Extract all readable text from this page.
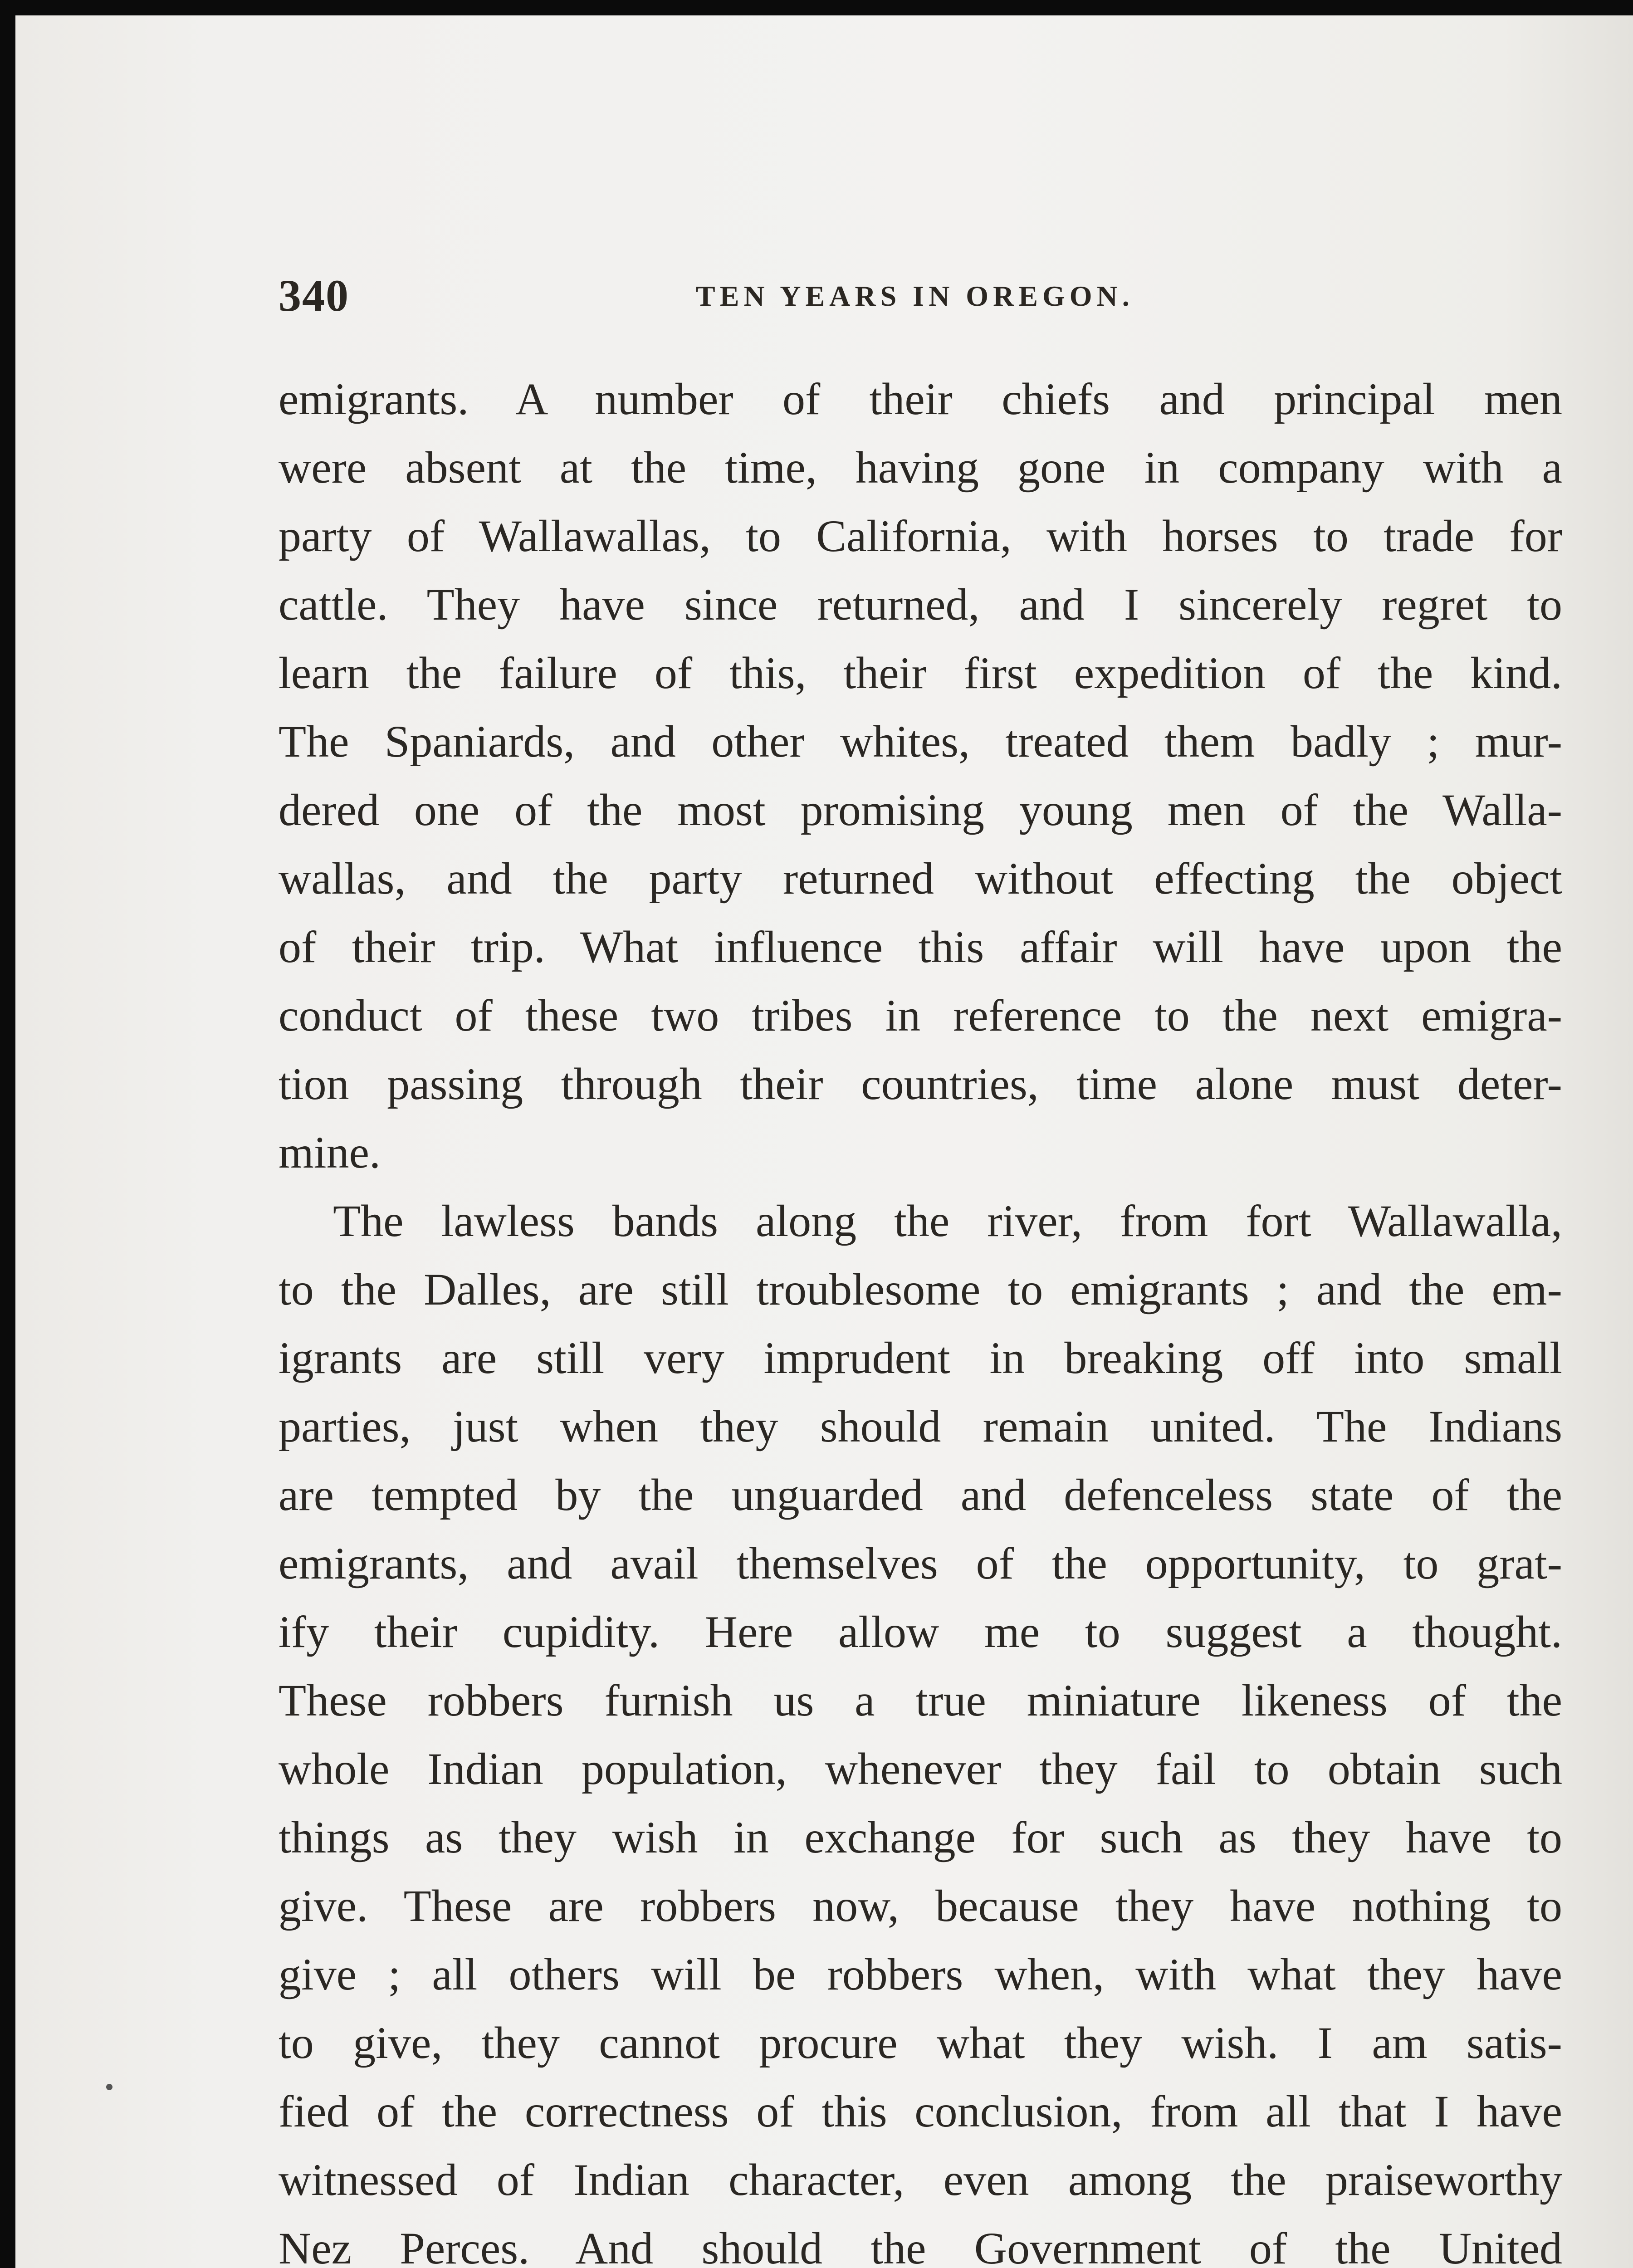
340	TEN YEARS IN OREGON.
emigrants. A number of their chiefs and principal men
were absent at the time, having gone in company with a
party of Wallawallas, to California, with horses to trade for
cattle. They have since returned, and I sincerely regret to
learn the failure of this, their first expedition of the kind.
The Spaniards, and other whites, treated them badly ; mur-
dered one of the most promising young men of the Walla-
wallas, and the party returned without effecting the object
of their trip. What influence this affair will have upon the
conduct of these two tribes in reference to the next emigra-
tion passing through their countries, time alone must deter-
mine.
The lawless bands along the river, from fort Wallawalla,
to the Dalles, are still troublesome to emigrants ; and the em-
igrants are still very imprudent in breaking off into small
parties, just when they should remain united. The Indians
are tempted by the unguarded and defenceless state of the
emigrants, and avail themselves of the opportunity, to grat-
ify their cupidity. Here allow me to suggest a thought.
These robbers furnish us a true miniature likeness of the
whole Indian population, whenever they fail to obtain such
things as they wish in exchange for such as they have to
give. These are robbers now, because they have nothing to
give ; all others will be robbers when, with what they have
to give, they cannot procure what they wish. I am satis-
fied of the correctness of this conclusion, from all that I have
witnessed of Indian character, even among the praiseworthy
Nez Perces. And should the Government of the United
